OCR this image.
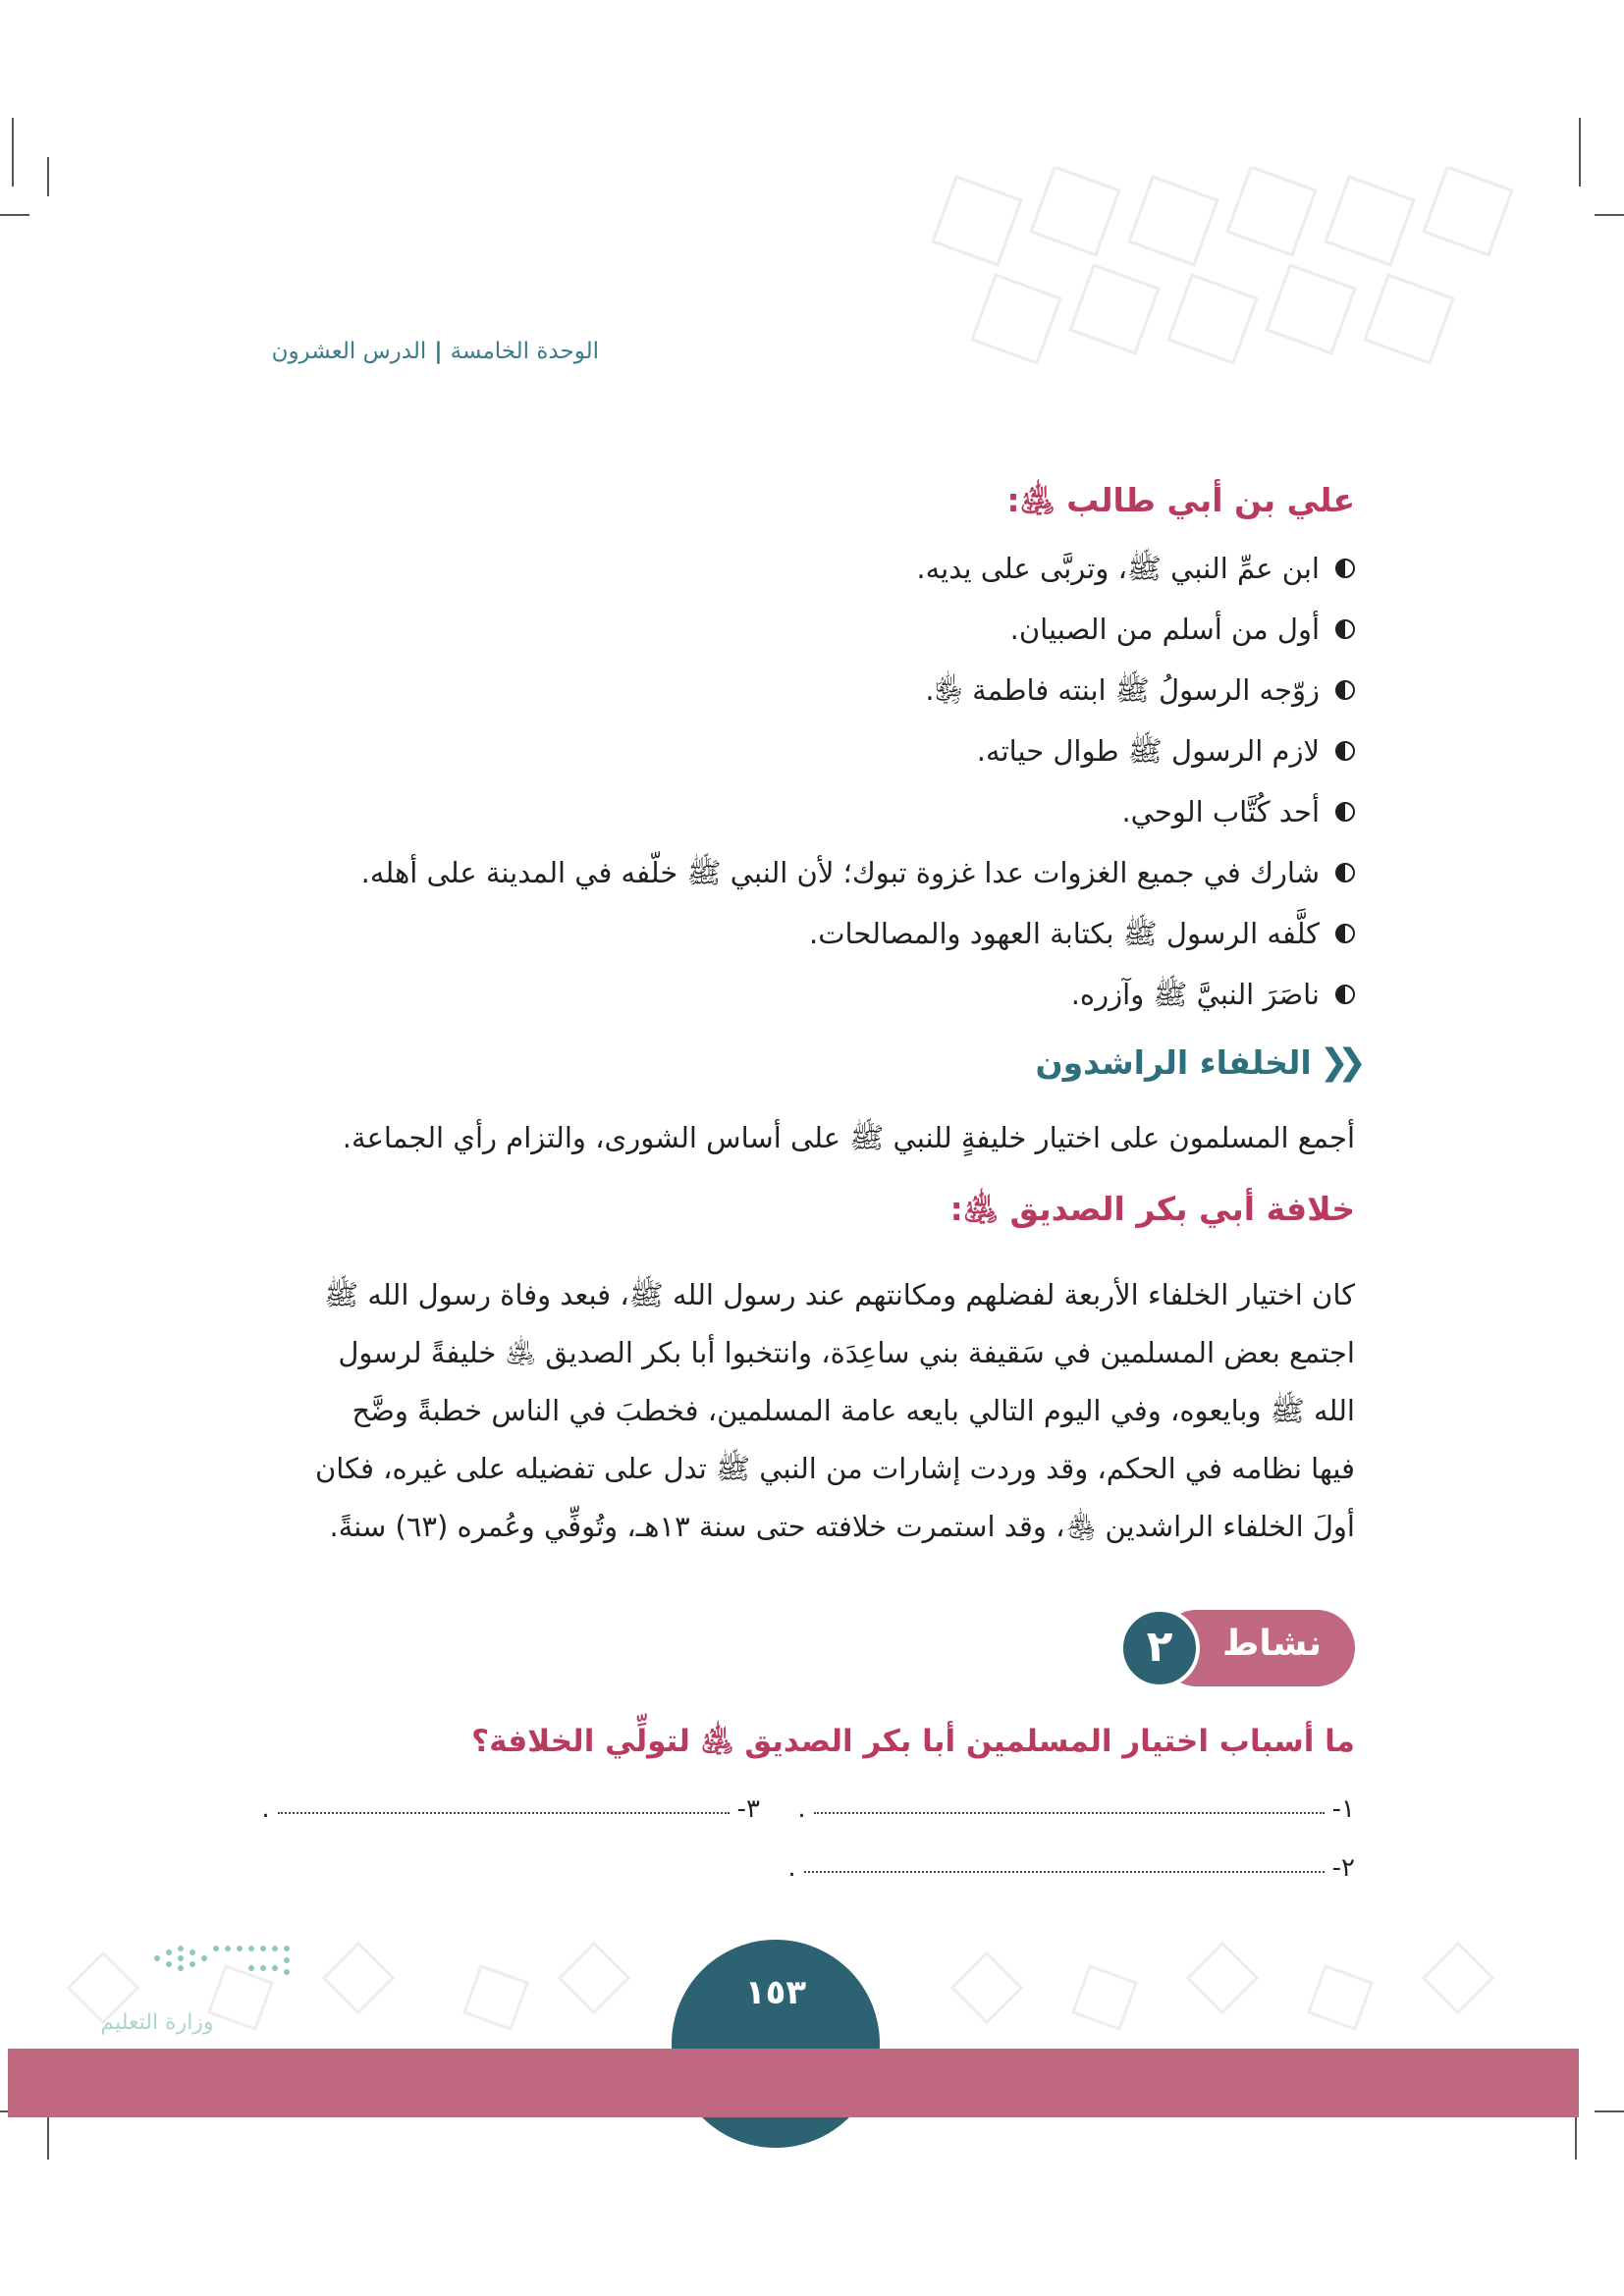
الوحدة الخامسة|الدرس العشرون
علي بن أبي طالب ﵁:
ابن عمِّ النبي ﷺ، وتربَّى على يديه.
أول من أسلم من الصبيان.
زوّجه الرسولُ ﷺ ابنته فاطمة ﵂.
لازم الرسول ﷺ طوال حياته.
أحد كُتَّاب الوحي.
شارك في جميع الغزوات عدا غزوة تبوك؛ لأن النبي ﷺ خلّفه في المدينة على أهله.
كلَّفه الرسول ﷺ بكتابة العهود والمصالحات.
ناصَرَ النبيَّ ﷺ وآزره.
❮❮
الخلفاء الراشدون
أجمع المسلمون على اختيار خليفةٍ للنبي ﷺ على أساس الشورى، والتزام رأي الجماعة.
خلافة أبي بكر الصديق ﵁:
كان اختيار الخلفاء الأربعة لفضلهم ومكانتهم عند رسول الله ﷺ، فبعد وفاة رسول الله ﷺ
اجتمع بعض المسلمين في سَقيفة بني ساعِدَة، وانتخبوا أبا بكر الصديق ﵁ خليفةً لرسول
الله ﷺ وبايعوه، وفي اليوم التالي بايعه عامة المسلمين، فخطبَ في الناس خطبةً وضَّح
فيها نظامه في الحكم، وقد وردت إشارات من النبي ﷺ تدل على تفضيله على غيره، فكان
أولَ الخلفاء الراشدين ﵃، وقد استمرت خلافته حتى سنة ١٣هـ، وتُوفِّي وعُمره (٦٣) سنةً.
نشاط
٢
ما أسباب اختيار المسلمين أبا بكر الصديق ﵁ لتولِّي الخلافة؟
١-.
٣-.
٢-.
١٥٣
وزارة التعليم
